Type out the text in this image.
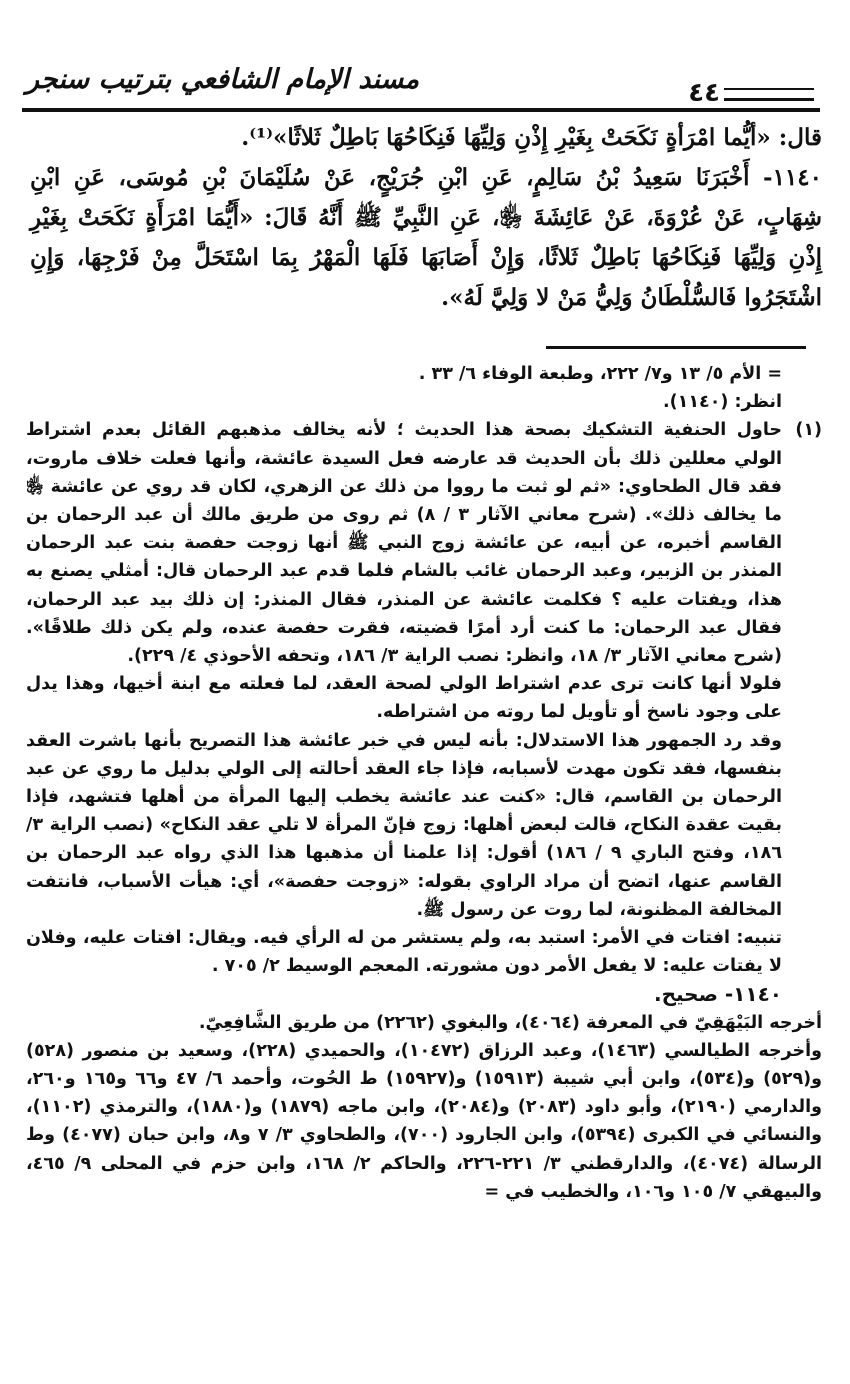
مسند الإمام الشافعي بترتيب سنجر	٤٤

قال: «أيُّما امْرَأةٍ نَكَحَتْ بِغَيْرِ إِذْنِ وَلِيِّهَا فَنِكَاحُهَا بَاطِلٌ ثَلاثًا»⁽¹⁾.

١١٤٠- أَخْبَرَنَا سَعِيدُ بْنُ سَالِمٍ، عَنِ ابْنِ جُرَيْجٍ، عَنْ سُلَيْمَانَ بْنِ مُوسَى، عَنِ ابْنِ شِهَابٍ، عَنْ عُرْوَةَ، عَنْ عَائِشَةَ ﵂، عَنِ النَّبِيِّ ﷺ أَنَّهُ قَالَ: «أَيُّمَا امْرَأَةٍ نَكَحَتْ بِغَيْرِ إِذْنِ وَلِيِّهَا فَنِكَاحُهَا بَاطِلٌ ثَلاثًا، وَإِنْ أَصَابَهَا فَلَهَا الْمَهْرُ بِمَا اسْتَحَلَّ مِنْ فَرْجِهَا، وَإِنِ اشْتَجَرُوا فَالسُّلْطَانُ وَلِيُّ مَنْ لا وَلِيَّ لَهُ».

= الأم ٥/ ١٣ و٧/ ٢٢٢، وطبعة الوفاء ٦/ ٣٣ .

انظر: (١١٤٠).

(١)

حاول الحنفية التشكيك بصحة هذا الحديث ؛ لأنه يخالف مذهبهم القائل بعدم اشتراط الولي معللين ذلك بأن الحديث قد عارضه فعل السيدة عائشة، وأنها فعلت خلاف ماروت، فقد قال الطحاوي: «ثم لو ثبت ما رووا من ذلك عن الزهري، لكان قد روي عن عائشة ﵂ ما يخالف ذلك». (شرح معاني الآثار ٣ / ٨) ثم روى من طريق مالك أن عبد الرحمان بن القاسم أخبره، عن أبيه، عن عائشة زوج النبي ﷺ أنها زوجت حفصة بنت عبد الرحمان المنذر بن الزبير، وعبد الرحمان غائب بالشام فلما قدم عبد الرحمان قال: أمثلي يصنع به هذا، ويفتات عليه ؟ فكلمت عائشة عن المنذر، فقال المنذر: إن ذلك بيد عبد الرحمان، فقال عبد الرحمان: ما كنت أرد أمرًا قضيته، فقرت حفصة عنده، ولم يكن ذلك طلاقًا». (شرح معاني الآثار ٣/ ١٨، وانظر: نصب الراية ٣/ ١٨٦، وتحفه الأحوذي ٤/ ٢٢٩).

فلولا أنها كانت ترى عدم اشتراط الولي لصحة العقد، لما فعلته مع ابنة أخيها، وهذا يدل على وجود ناسخ أو تأويل لما روته من اشتراطه.

وقد رد الجمهور هذا الاستدلال: بأنه ليس في خبر عائشة هذا التصريح بأنها باشرت العقد بنفسها، فقد تكون مهدت لأسبابه، فإذا جاء العقد أحالته إلى الولي بدليل ما روي عن عبد الرحمان بن القاسم، قال: «كنت عند عائشة يخطب إليها المرأة من أهلها فتشهد، فإذا بقيت عقدة النكاح، قالت لبعض أهلها: زوج فإنّ المرأة لا تلي عقد النكاح» (نصب الراية ٣/ ١٨٦، وفتح الباري ٩ / ١٨٦) أقول: إذا علمنا أن مذهبها هذا الذي رواه عبد الرحمان بن القاسم عنها، اتضح أن مراد الراوي بقوله: «زوجت حفصة»، أي: هيأت الأسباب، فانتفت المخالفة المظنونة، لما روت عن رسول ﷺ.

تنبيه: افتات في الأمر: استبد به، ولم يستشر من له الرأي فيه. ويقال: افتات عليه، وفلان لا يفتات عليه: لا يفعل الأمر دون مشورته. المعجم الوسيط ٢/ ٧٠٥ .

١١٤٠- صحيح.

أخرجه البَيْهَقِيّ في المعرفة (٤٠٦٤)، والبغوي (٢٢٦٢) من طريق الشَّافِعِيّ.

وأخرجه الطيالسي (١٤٦٣)، وعبد الرزاق (١٠٤٧٢)، والحميدي (٢٢٨)، وسعيد بن منصور (٥٢٨) و(٥٢٩) و(٥٣٤)، وابن أبي شيبة (١٥٩١٣) و(١٥٩٢٧) ط الحُوت، وأحمد ٦/ ٤٧ و٦٦ و١٦٥ و٢٦٠، والدارمي (٢١٩٠)، وأبو داود (٢٠٨٣) و(٢٠٨٤)، وابن ماجه (١٨٧٩) و(١٨٨٠)، والترمذي (١١٠٢)، والنسائي في الكبرى (٥٣٩٤)، وابن الجارود (٧٠٠)، والطحاوي ٣/ ٧ و٨، وابن حبان (٤٠٧٧) وط الرسالة (٤٠٧٤)، والدارقطني ٣/ ٢٢١-٢٢٦، والحاكم ٢/ ١٦٨، وابن حزم في المحلى ٩/ ٤٦٥، والبيهقي ٧/ ١٠٥ و١٠٦، والخطيب في =
